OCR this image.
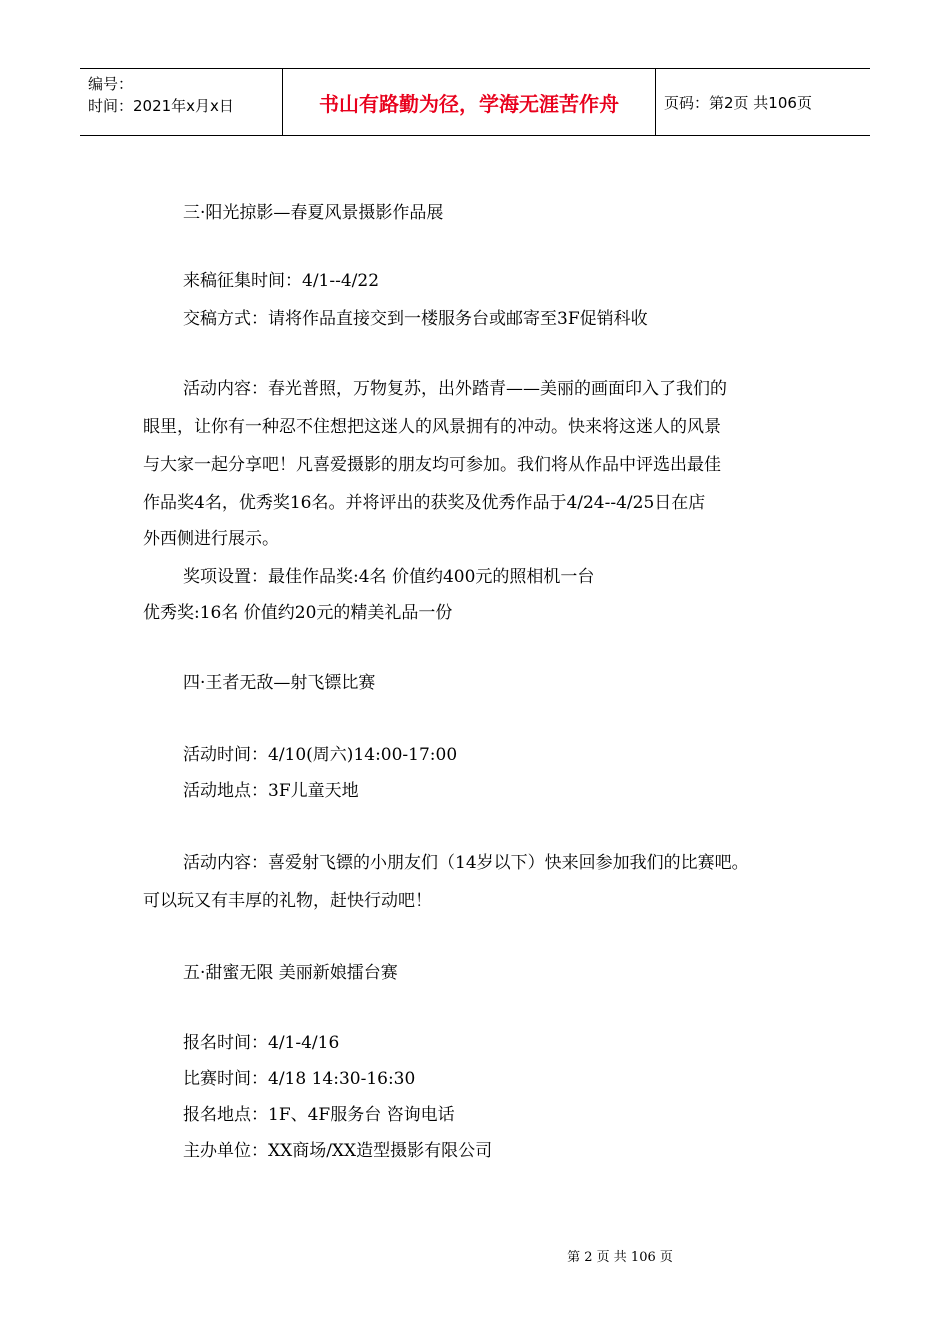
编号：
时间：2021年x月x日	书山有路勤为径，学海无涯苦作舟	页码：第2页 共106页
三·阳光掠影—春夏风景摄影作品展
来稿征集时间：4/1--4/22
交稿方式：请将作品直接交到一楼服务台或邮寄至3F促销科收
活动内容：春光普照，万物复苏，出外踏青——美丽的画面印入了我们的
眼里，让你有一种忍不住想把这迷人的风景拥有的冲动。快来将这迷人的风景
与大家一起分享吧！凡喜爱摄影的朋友均可参加。我们将从作品中评选出最佳
作品奖4名，优秀奖16名。并将评出的获奖及优秀作品于4/24--4/25日在店
外西侧进行展示。
奖项设置：最佳作品奖:4名 价值约400元的照相机一台
优秀奖:16名 价值约20元的精美礼品一份
四·王者无敌—射飞镖比赛
活动时间：4/10(周六)14:00-17:00
活动地点：3F儿童天地
活动内容：喜爱射飞镖的小朋友们（14岁以下）快来回参加我们的比赛吧。
可以玩又有丰厚的礼物，赶快行动吧！
五·甜蜜无限 美丽新娘擂台赛
报名时间：4/1-4/16
比赛时间：4/18 14:30-16:30
报名地点：1F、4F服务台 咨询电话
主办单位：XX商场/XX造型摄影有限公司
第 2 页 共 106 页
